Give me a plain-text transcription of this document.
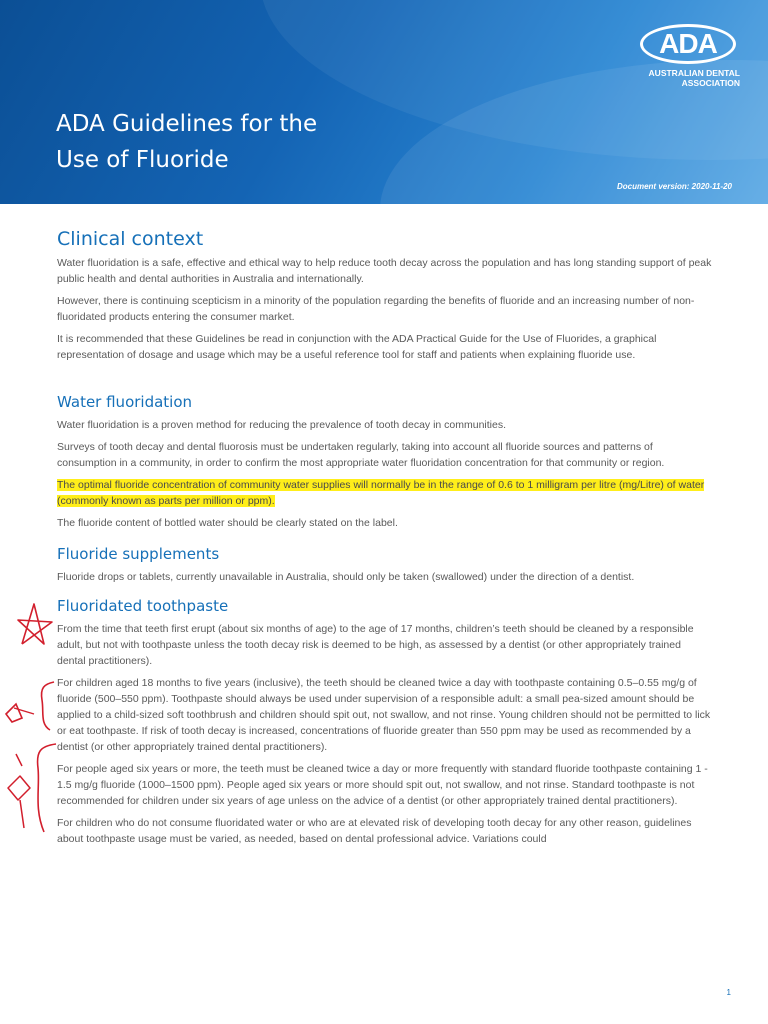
ADA Guidelines for the
Use of Fluoride
Document version: 2020-11-20
ADA
AUSTRALIAN DENTAL
ASSOCIATION
Clinical context

Water fluoridation is a safe, effective and ethical way to help reduce tooth decay across the population and has long standing support of peak public health and dental authorities in Australia and internationally.

However, there is continuing scepticism in a minority of the population regarding the benefits of fluoride and an increasing number of non-fluoridated products entering the consumer market.

It is recommended that these Guidelines be read in conjunction with the ADA Practical Guide for the Use of Fluorides, a graphical representation of dosage and usage which may be a useful reference tool for staff and patients when explaining fluoride use.

Water fluoridation

Water fluoridation is a proven method for reducing the prevalence of tooth decay in communities.

Surveys of tooth decay and dental fluorosis must be undertaken regularly, taking into account all fluoride sources and patterns of consumption in a community, in order to confirm the most appropriate water fluoridation concentration for that community or region.

The optimal fluoride concentration of community water supplies will normally be in the range of 0.6 to 1 milligram per litre (mg/Litre) of water (commonly known as parts per million or ppm).

The fluoride content of bottled water should be clearly stated on the label.

Fluoride supplements

Fluoride drops or tablets, currently unavailable in Australia, should only be taken (swallowed) under the direction of a dentist.

Fluoridated toothpaste

From the time that teeth first erupt (about six months of age) to the age of 17 months, children’s teeth should be cleaned by a responsible adult, but not with toothpaste unless the tooth decay risk is deemed to be high, as assessed by a dentist (or other appropriately trained dental practitioners).

For children aged 18 months to five years (inclusive), the teeth should be cleaned twice a day with toothpaste containing 0.5–0.55 mg/g of fluoride (500–550 ppm). Toothpaste should always be used under supervision of a responsible adult: a small pea-sized amount should be applied to a child-sized soft toothbrush and children should spit out, not swallow, and not rinse. Young children should not be permitted to lick or eat toothpaste. If risk of tooth decay is increased, concentrations of fluoride greater than 550 ppm may be used as recommended by a dentist (or other appropriately trained dental practitioners).

For people aged six years or more, the teeth must be cleaned twice a day or more frequently with standard fluoride toothpaste containing 1 - 1.5 mg/g fluoride (1000–1500 ppm). People aged six years or more should spit out, not swallow, and not rinse. Standard toothpaste is not recommended for children under six years of age unless on the advice of a dentist (or other appropriately trained dental practitioners).

For children who do not consume fluoridated water or who are at elevated risk of developing tooth decay for any other reason, guidelines about toothpaste usage must be varied, as needed, based on dental professional advice. Variations could

1
